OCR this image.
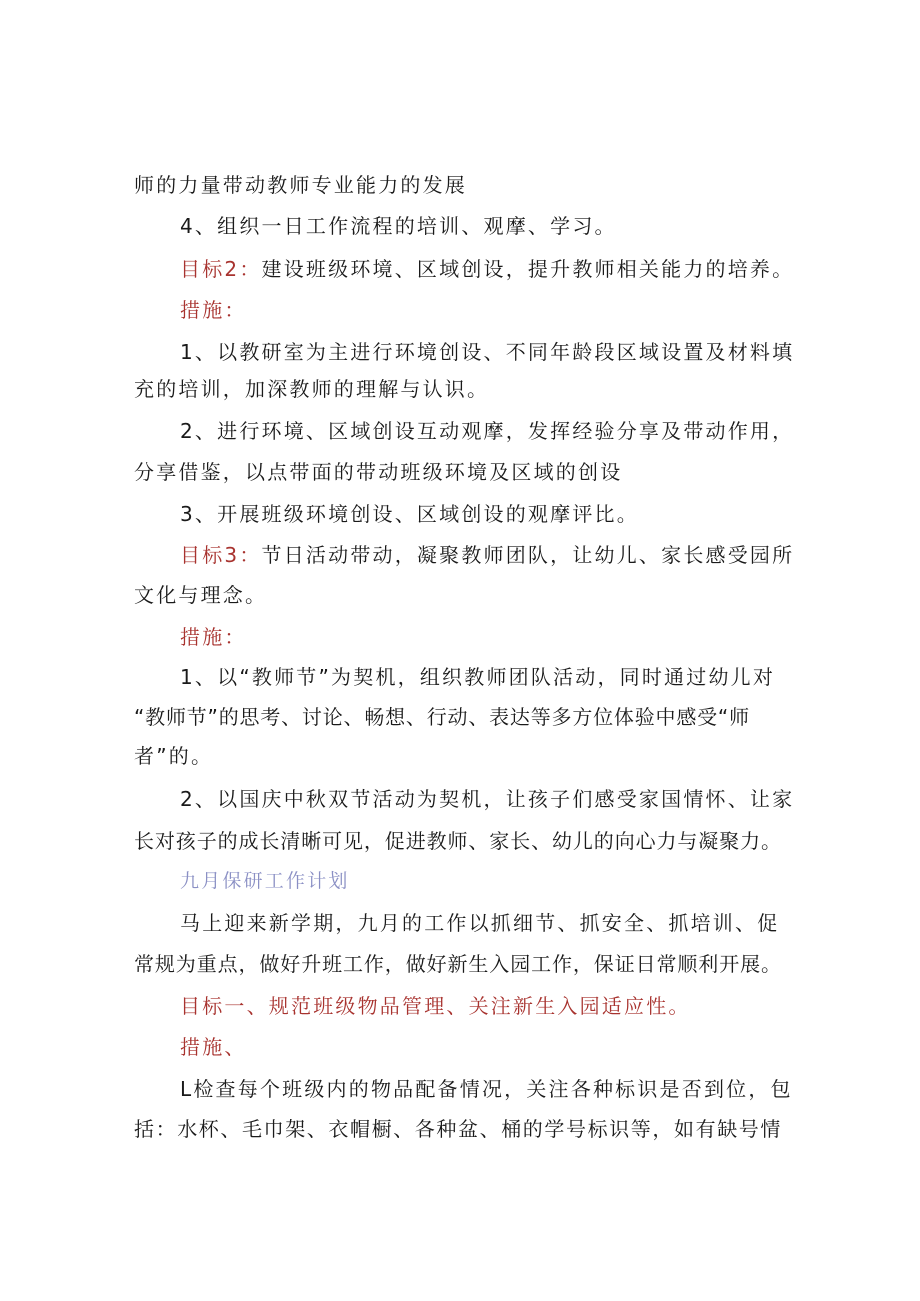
师的力量带动教师专业能力的发展
4、组织一日工作流程的培训、观摩、学习。
目标2：建设班级环境、区域创设，提升教师相关能力的培养。
措施：
1、以教研室为主进行环境创设、不同年龄段区域设置及材料填
充的培训，加深教师的理解与认识。
2、进行环境、区域创设互动观摩，发挥经验分享及带动作用，
分享借鉴，以点带面的带动班级环境及区域的创设
3、开展班级环境创设、区域创设的观摩评比。
目标3：节日活动带动，凝聚教师团队，让幼儿、家长感受园所
文化与理念。
措施：
1、以“教师节”为契机，组织教师团队活动，同时通过幼儿对
“教师节”的思考、讨论、畅想、行动、表达等多方位体验中感受“师
者”的。
2、以国庆中秋双节活动为契机，让孩子们感受家国情怀、让家
长对孩子的成长清晰可见，促进教师、家长、幼儿的向心力与凝聚力。
九月保研工作计划
马上迎来新学期，九月的工作以抓细节、抓安全、抓培训、促
常规为重点，做好升班工作，做好新生入园工作，保证日常顺利开展。
目标一、规范班级物品管理、关注新生入园适应性。
措施、
L检查每个班级内的物品配备情况，关注各种标识是否到位，包
括：水杯、毛巾架、衣帽橱、各种盆、桶的学号标识等，如有缺号情
